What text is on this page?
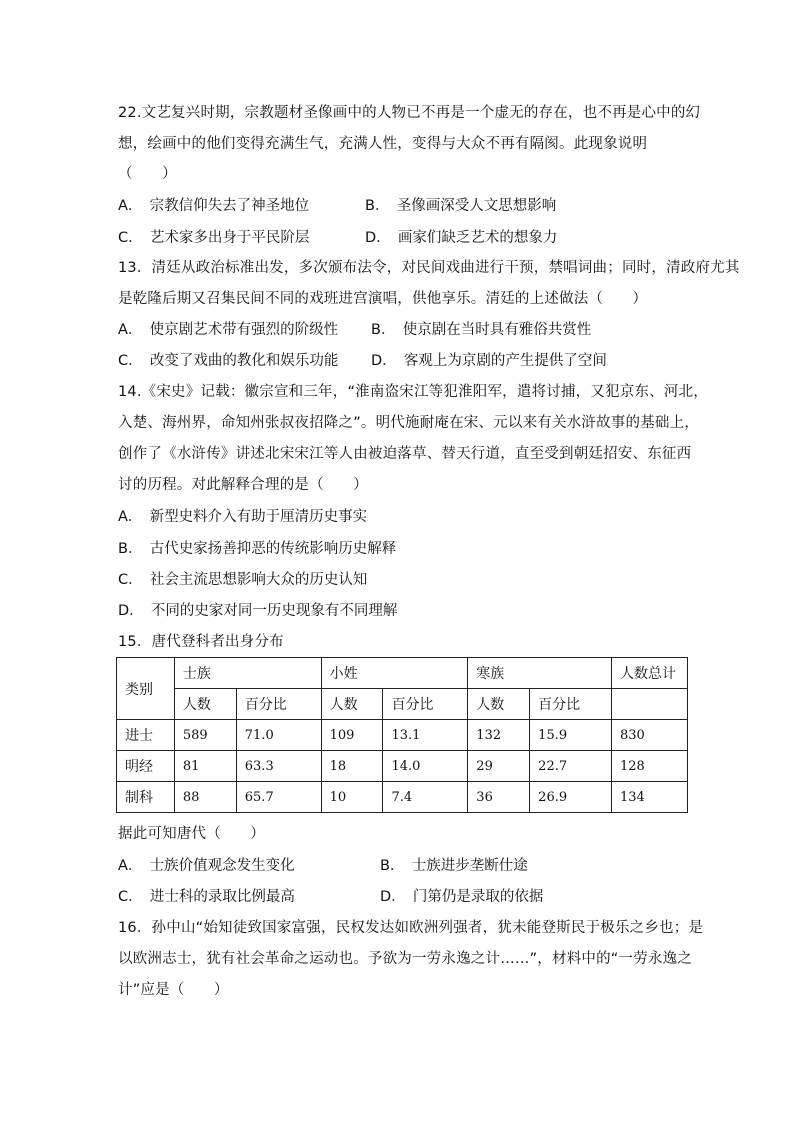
22.文艺复兴时期，宗教题材圣像画中的人物已不再是一个虚无的存在，也不再是心中的幻
想，绘画中的他们变得充满生气，充满人性，变得与大众不再有隔阂。此现象说明
（　　）
A．　宗教信仰失去了神圣地位	B．　圣像画深受人文思想影响
C．　艺术家多出身于平民阶层	D．　画家们缺乏艺术的想象力
13．清廷从政治标准出发，多次颁布法令，对民间戏曲进行干预，禁唱词曲；同时，清政府尤其
是乾隆后期又召集民间不同的戏班进宫演唱，供他享乐。清廷的上述做法（　　）
A．　使京剧艺术带有强烈的阶级性 B．　使京剧在当时具有雅俗共赏性
C．　改变了戏曲的教化和娱乐功能 D．　客观上为京剧的产生提供了空间
14.《宋史》记载：徽宗宣和三年，“淮南盗宋江等犯淮阳军，遣将讨捕，又犯京东、河北，
入楚、海州界，命知州张叔夜招降之”。明代施耐庵在宋、元以来有关水浒故事的基础上，
创作了《水浒传》讲述北宋宋江等人由被迫落草、替天行道，直至受到朝廷招安、东征西
讨的历程。对此解释合理的是（　　）
A．　新型史料介入有助于厘清历史事实
B．　古代史家扬善抑恶的传统影响历史解释
C．　社会主流思想影响大众的历史认知
D．　不同的史家对同一历史现象有不同理解
15．唐代登科者出身分布
类别	士族		小姓		寒族		人数总计
	人数	百分比	人数	百分比	人数	百分比	
进士	589	71.0	109	13.1	132	15.9	830
明经	81	63.3	18	14.0	29	22.7	128
制科	88	65.7	10	7.4	36	26.9	134
据此可知唐代（　　）
A．　士族价值观念发生变化	B．　士族进步垄断仕途
C．　进士科的录取比例最高	D．　门第仍是录取的依据
16．孙中山“始知徒致国家富强，民权发达如欧洲列强者，犹未能登斯民于极乐之乡也；是
以欧洲志士，犹有社会革命之运动也。予欲为一劳永逸之计……”，材料中的“一劳永逸之
计”应是（　　）
